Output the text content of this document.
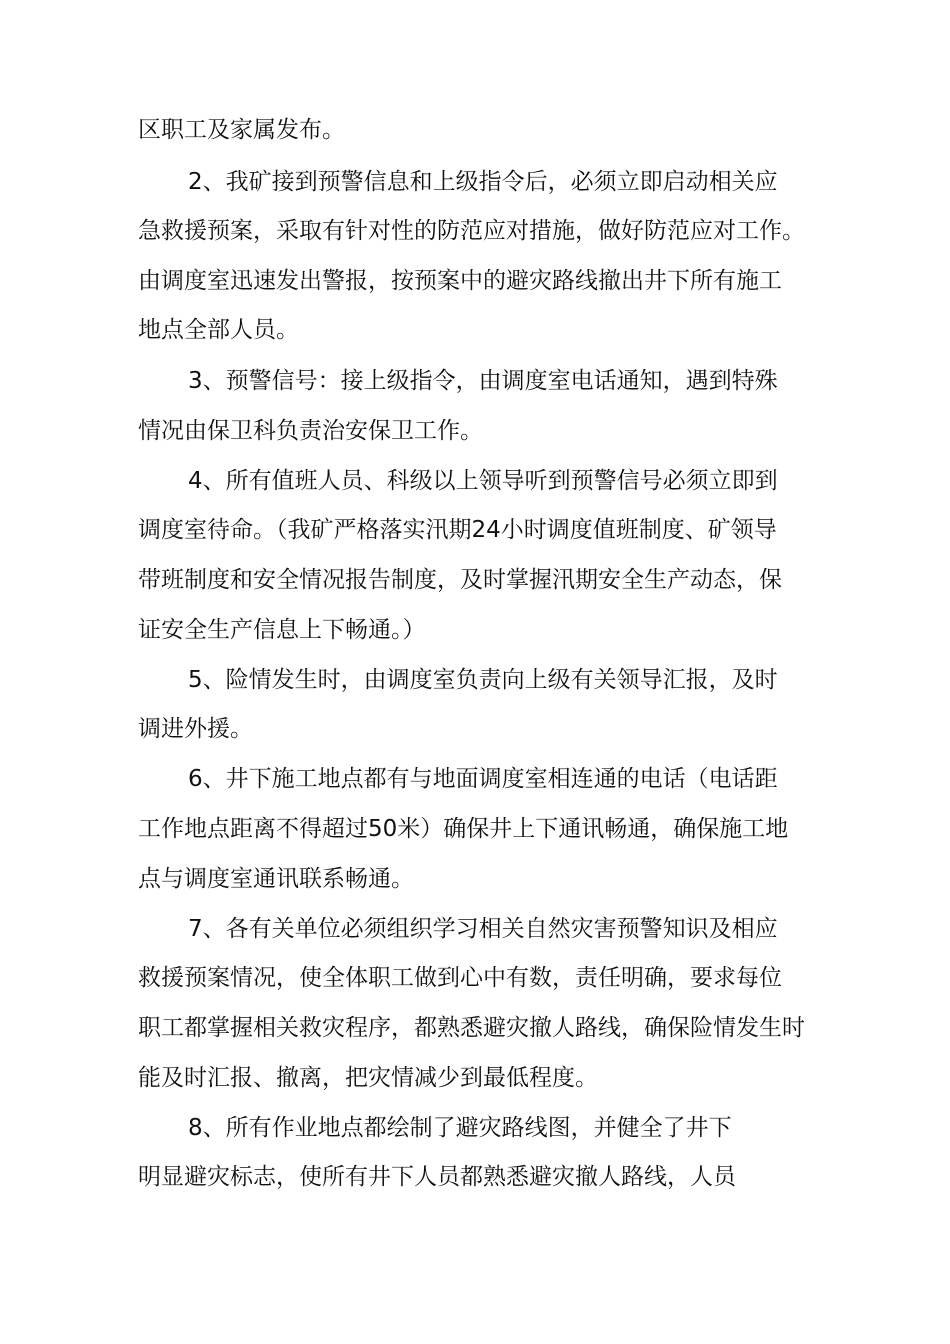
区职工及家属发布。
2、我矿接到预警信息和上级指令后，必须立即启动相关应
急救援预案，采取有针对性的防范应对措施，做好防范应对工作。
由调度室迅速发出警报，按预案中的避灾路线撤出井下所有施工
地点全部人员。
3、预警信号：接上级指令，由调度室电话通知，遇到特殊
情况由保卫科负责治安保卫工作。
4、所有值班人员、科级以上领导听到预警信号必须立即到
调度室待命。（我矿严格落实汛期24小时调度值班制度、矿领导
带班制度和安全情况报告制度，及时掌握汛期安全生产动态，保
证安全生产信息上下畅通。）
5、险情发生时，由调度室负责向上级有关领导汇报，及时
调进外援。
6、井下施工地点都有与地面调度室相连通的电话（电话距
工作地点距离不得超过50米）确保井上下通讯畅通，确保施工地
点与调度室通讯联系畅通。
7、各有关单位必须组织学习相关自然灾害预警知识及相应
救援预案情况，使全体职工做到心中有数，责任明确，要求每位
职工都掌握相关救灾程序，都熟悉避灾撤人路线，确保险情发生时
能及时汇报、撤离，把灾情减少到最低程度。
8、所有作业地点都绘制了避灾路线图，并健全了井下
明显避灾标志，使所有井下人员都熟悉避灾撤人路线，人员
